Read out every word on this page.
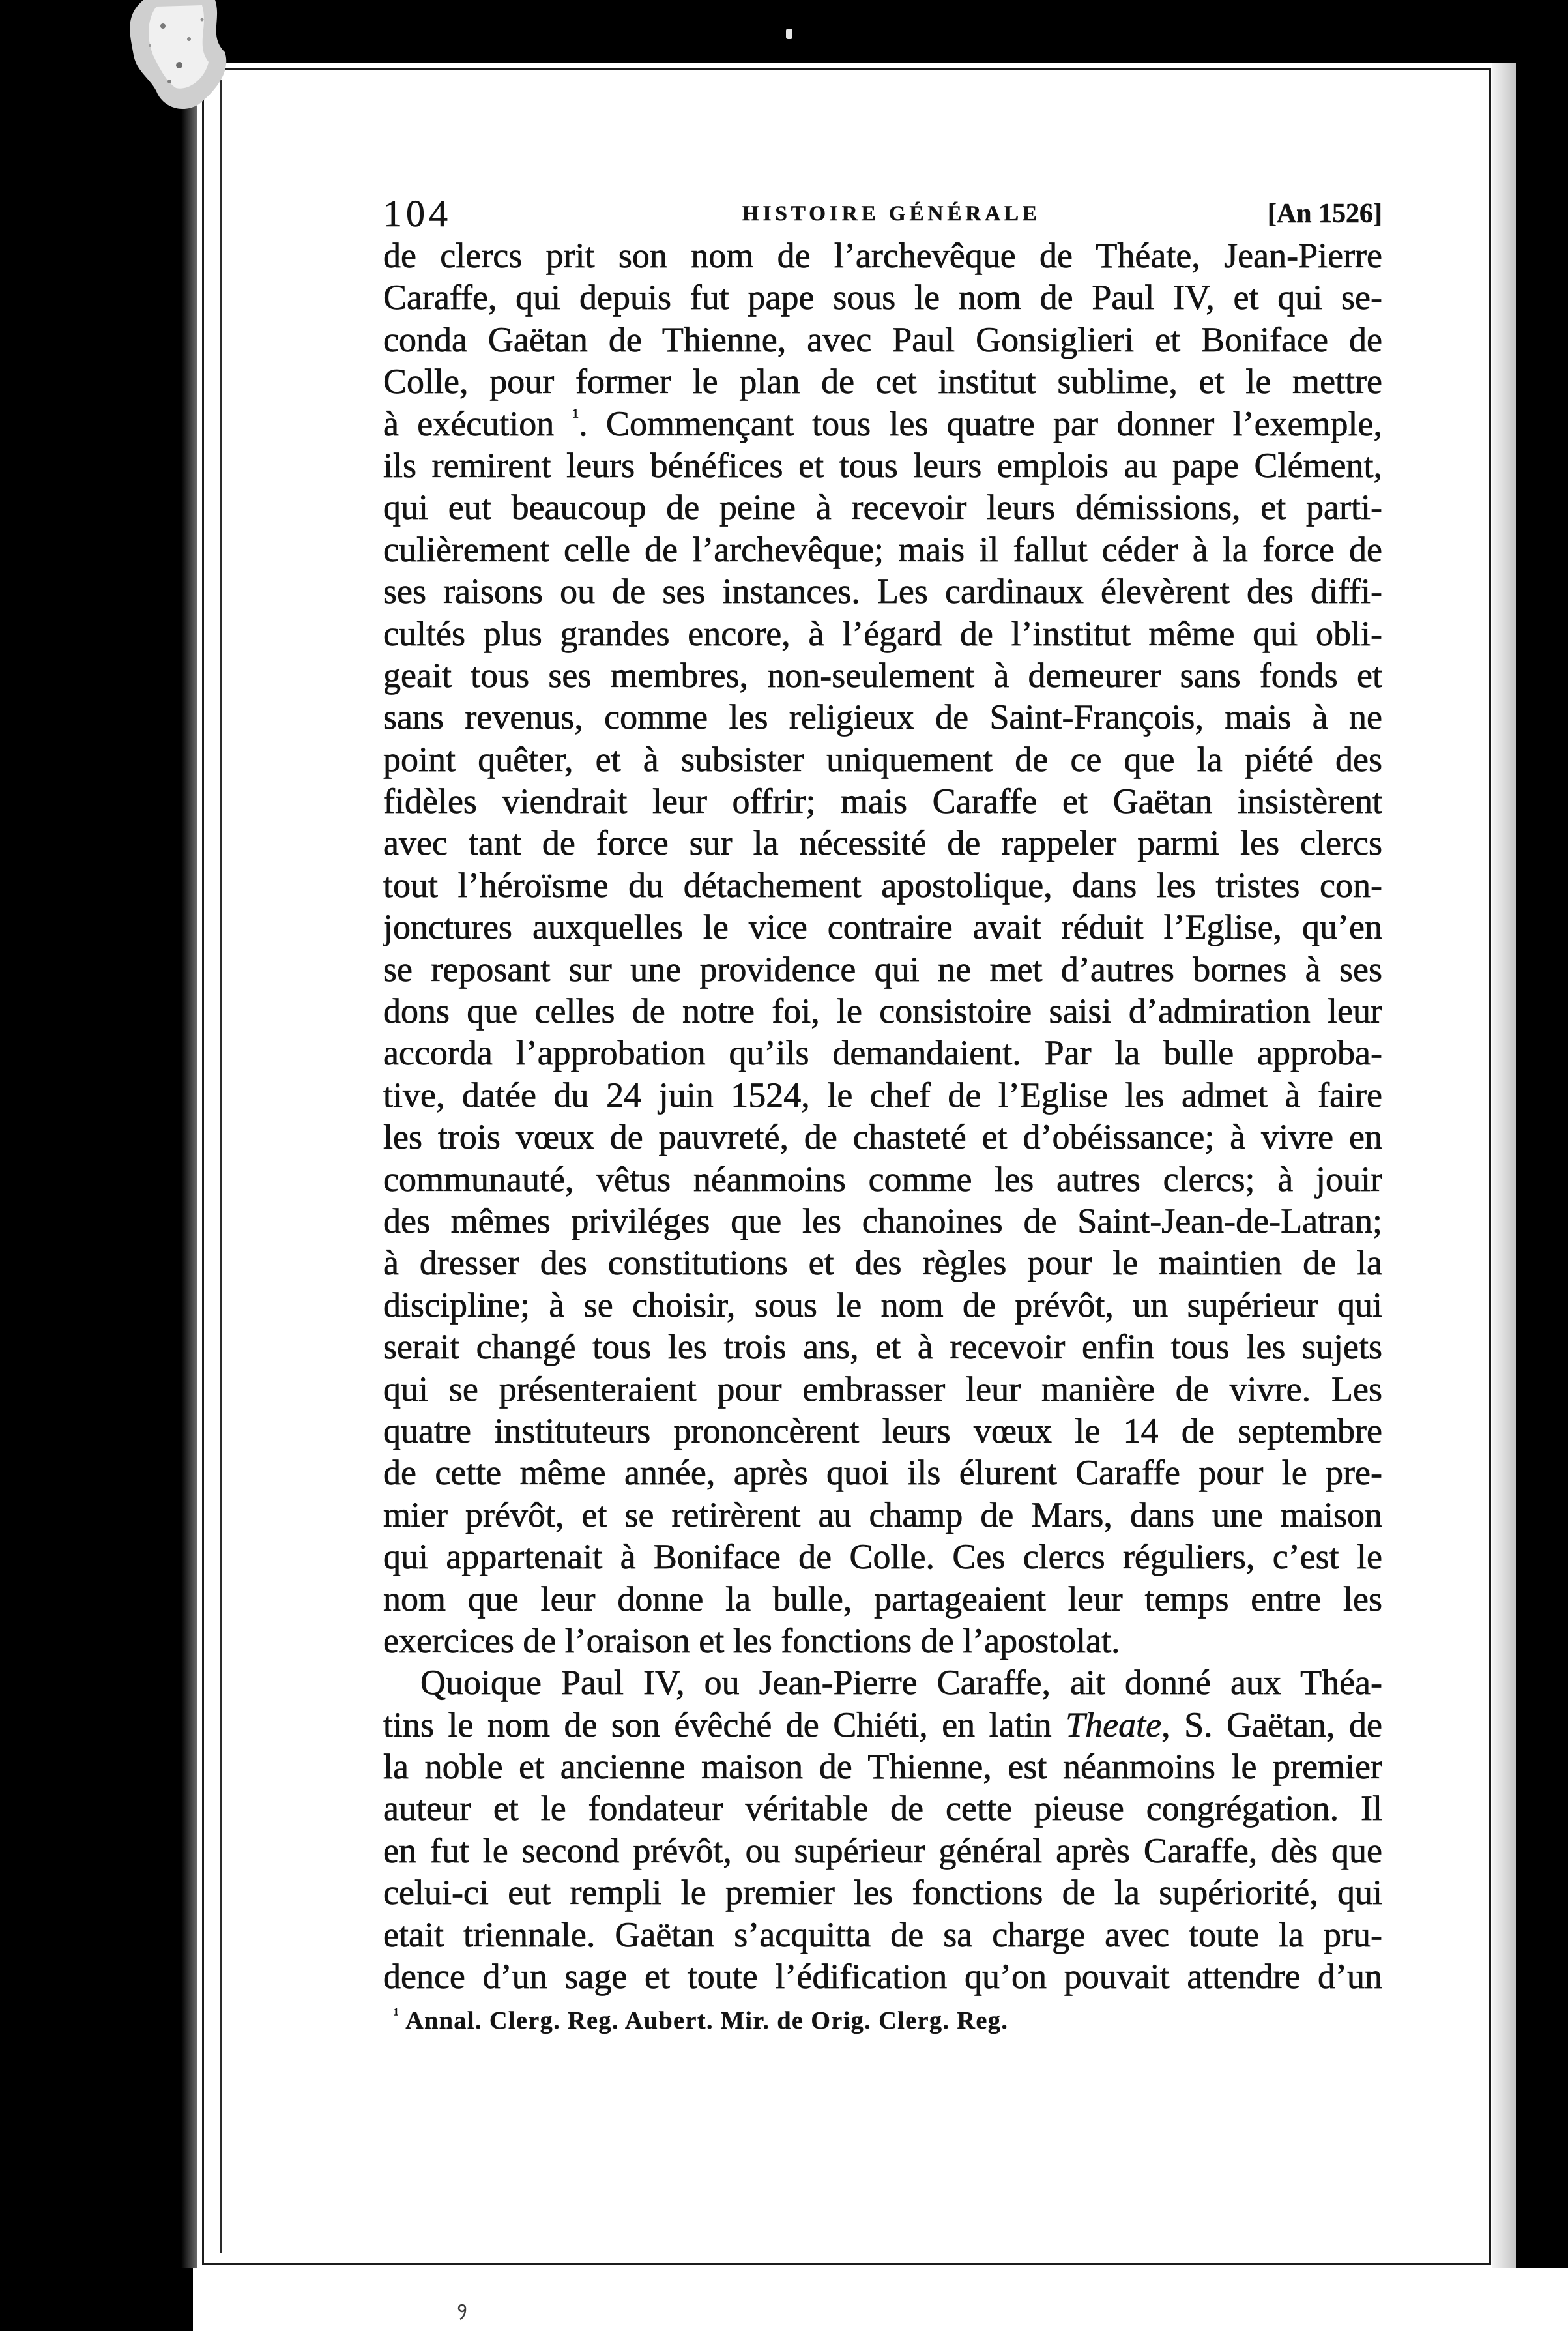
104	HISTOIRE GÉNÉRALE	[An 1526]
de clercs prit son nom de l’archevêque de Théate, Jean-Pierre
Caraffe, qui depuis fut pape sous le nom de Paul IV, et qui se-
conda Gaëtan de Thienne, avec Paul Gonsiglieri et Boniface de
Colle, pour former le plan de cet institut sublime, et le mettre
à exécution $^{^1}$. Commençant tous les quatre par donner l’exemple,
ils remirent leurs bénéfices et tous leurs emplois au pape Clément,
qui eut beaucoup de peine à recevoir leurs démissions, et parti-
culièrement celle de l’archevêque; mais il fallut céder à la force de
ses raisons ou de ses instances. Les cardinaux élevèrent des diffi-
cultés plus grandes encore, à l’égard de l’institut même qui obli-
geait tous ses membres, non-seulement à demeurer sans fonds et
sans revenus, comme les religieux de Saint-François, mais à ne
point quêter, et à subsister uniquement de ce que la piété des
fidèles viendrait leur offrir; mais Caraffe et Gaëtan insistèrent
avec tant de force sur la nécessité de rappeler parmi les clercs
tout l’héroïsme du détachement apostolique, dans les tristes con-
jonctures auxquelles le vice contraire avait réduit l’Eglise, qu’en
se reposant sur une providence qui ne met d’autres bornes à ses
dons que celles de notre foi, le consistoire saisi d’admiration leur
accorda l’approbation qu’ils demandaient. Par la bulle approba-
tive, datée du 24 juin 1524, le chef de l’Eglise les admet à faire
les trois vœux de pauvreté, de chasteté et d’obéissance; à vivre en
communauté, vêtus néanmoins comme les autres clercs; à jouir
des mêmes priviléges que les chanoines de Saint-Jean-de-Latran;
à dresser des constitutions et des règles pour le maintien de la
discipline; à se choisir, sous le nom de prévôt, un supérieur qui
serait changé tous les trois ans, et à recevoir enfin tous les sujets
qui se présenteraient pour embrasser leur manière de vivre. Les
quatre instituteurs prononcèrent leurs vœux le 14 de septembre
de cette même année, après quoi ils élurent Caraffe pour le pre-
mier prévôt, et se retirèrent au champ de Mars, dans une maison
qui appartenait à Boniface de Colle. Ces clercs réguliers, c’est le
nom que leur donne la bulle, partageaient leur temps entre les
exercices de l’oraison et les fonctions de l’apostolat.
Quoique Paul IV, ou Jean-Pierre Caraffe, ait donné aux Théa-
tins le nom de son évêché de Chiéti, en latin Theate, S. Gaëtan, de
la noble et ancienne maison de Thienne, est néanmoins le premier
auteur et le fondateur véritable de cette pieuse congrégation. Il
en fut le second prévôt, ou supérieur général après Caraffe, dès que
celui-ci eut rempli le premier les fonctions de la supériorité, qui
etait triennale. Gaëtan s’acquitta de sa charge avec toute la pru-
dence d’un sage et toute l’édification qu’on pouvait attendre d’un
$^{^1}$ Annal. Clerg. Reg. Aubert. Mir. de Orig. Clerg. Reg.
